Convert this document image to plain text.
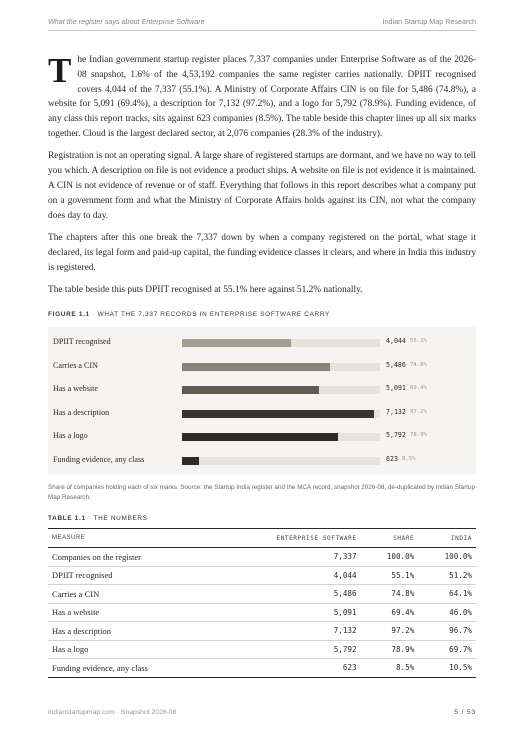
What the register says about Enterprise Software	Indian Startup Map Research

The Indian government startup register places 7,337 companies under Enterprise Software as of the 2026-08 snapshot, 1.6% of the 4,53,192 companies the same register carries nationally. DPIIT recognised covers 4,044 of the 7,337 (55.1%). A Ministry of Corporate Affairs CIN is on file for 5,486 (74.8%), a website for 5,091 (69.4%), a description for 7,132 (97.2%), and a logo for 5,792 (78.9%). Funding evidence, of any class this report tracks, sits against 623 companies (8.5%). The table beside this chapter lines up all six marks together. Cloud is the largest declared sector, at 2,076 companies (28.3% of the industry).

Registration is not an operating signal. A large share of registered startups are dormant, and we have no way to tell you which. A description on file is not evidence a product ships. A website on file is not evidence it is maintained. A CIN is not evidence of revenue or of staff. Everything that follows in this report describes what a company put on a government form and what the Ministry of Corporate Affairs holds against its CIN, not what the company does day to day.

The chapters after this one break the 7,337 down by when a company registered on the portal, what stage it declared, its legal form and paid-up capital, the funding evidence classes it clears, and where in India this industry is registered.

The table beside this puts DPIIT recognised at 55.1% here against 51.2% nationally.

FIGURE 1.1 · WHAT THE 7,337 RECORDS IN ENTERPRISE SOFTWARE CARRY
DPIIT recognised	4,044 55.1%
Carries a CIN	5,486 74.8%
Has a website	5,091 69.4%
Has a description	7,132 97.2%
Has a logo	5,792 78.9%
Funding evidence, any class	623 8.5%
Share of companies holding each of six marks. Source: the Startup India register and the MCA record, snapshot 2026-08, de-duplicated by Indian Startup Map Research.
TABLE 1.1 · THE NUMBERS
MEASURE	ENTERPRISE SOFTWARE	SHARE	INDIA
Companies on the register	7,337	100.0%	100.0%
DPIIT recognised	4,044	55.1%	51.2%
Carries a CIN	5,486	74.8%	64.1%
Has a website	5,091	69.4%	46.0%
Has a description	7,132	97.2%	96.7%
Has a logo	5,792	78.9%	69.7%
Funding evidence, any class	623	8.5%	10.5%
indianstartupmap.com · Snapshot 2026-08	5 / 53
